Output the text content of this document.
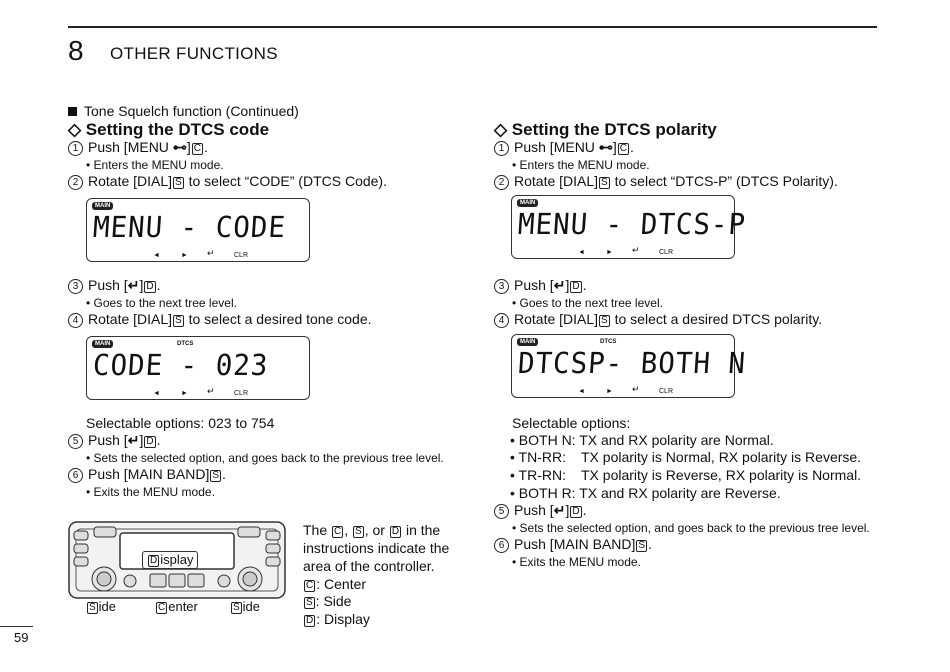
8 OTHER FUNCTIONS
Tone Squelch function (Continued)
◇ Setting the DTCS code
1 Push [MENU ⊷] C .
• Enters the MENU mode.
2 Rotate [DIAL] S to select “CODE” (DTCS Code).
MAIN
MENU - CODE
◄	► ↵	CLR
3 Push [↵] D .
• Goes to the next tree level.
4 Rotate [DIAL] S to select a desired tone code.
MAIN	DTCS
CODE - 023
◄	► ↵	CLR
Selectable options: 023 to 754
5 Push [↵] D .
• Sets the selected option, and goes back to the previous tree level.
6 Push [MAIN BAND] S .
• Exits the MENU mode.
D isplay
S ide	C enter	S ide
The C , S , or D in the
instructions indicate the
area of the controller.
C : Center
S : Side
D : Display
◇ Setting the DTCS polarity
1 Push [MENU ⊷] C .
• Enters the MENU mode.
2 Rotate [DIAL] S to select “DTCS-P” (DTCS Polarity).
MAIN
MENU - DTCS-P
◄	► ↵	CLR
3 Push [↵] D .
• Goes to the next tree level.
4 Rotate [DIAL] S to select a desired DTCS polarity.
MAIN	DTCS
DTCSP- BOTH N
◄	► ↵	CLR
Selectable options:
• BOTH N: TX and RX polarity are Normal.
• TN-RR: TX polarity is Normal, RX polarity is Reverse.
• TR-RN: TX polarity is Reverse, RX polarity is Normal.
• BOTH R: TX and RX polarity are Reverse.
5 Push [↵] D .
• Sets the selected option, and goes back to the previous tree level.
6 Push [MAIN BAND] S .
• Exits the MENU mode.
59
